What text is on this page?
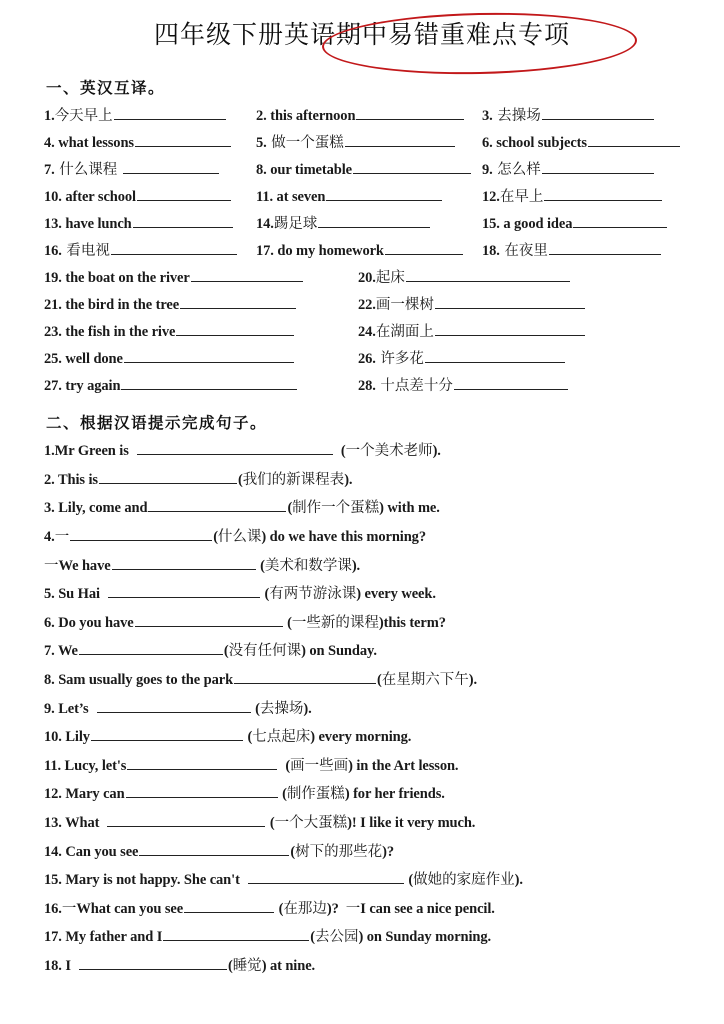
四年级下册英语期中易错重难点专项
一、英汉互译。
1. 今天早上	2. this afternoon	3. 去操场
4. what lessons	5. 做一个蛋糕	6. school subjects
7. 什么课程	8. our timetable	9. 怎么样
10. after school	11. at seven	12. 在早上
13. have lunch	14. 踢足球	15. a good idea
16. 看电视	17. do my homework	18. 在夜里
19. the boat on the river	20. 起床
21. the bird in the tree	22. 画一棵树
23. the fish in the rive	24. 在湖面上
25. well done	26. 许多花
27. try again	28. 十点差十分
二、根据汉语提示完成句子。
1.Mr Green is	( 一个美术老师 ).
2. This is	( 我们的新课程表 ).
3. Lily, come and	( 制作一个蛋糕 ) with me.
4. 一	( 什么课 ) do we have this morning?
一 We have	( 美术和数学课 ).
5. Su Hai	( 有两节游泳课 ) every week.
6. Do you have	( 一些新的课程 )this term?
7. We	( 没有任何课 ) on Sunday.
8. Sam usually goes to the park	( 在星期六下午 ).
9. Let’s	( 去操场 ).
10. Lily	( 七点起床 ) every morning.
11. Lucy, let's	( 画一些画 ) in the Art lesson.
12. Mary can	( 制作蛋糕 ) for her friends.
13. What	( 一个大蛋糕 )! I like it very much.
14. Can you see	( 树下的那些花 )?
15. Mary is not happy. She can't	( 做她的家庭作业 ).
16. 一 What can you see	( 在那边 )? 一 I can see a nice pencil.
17. My father and I	( 去公园 ) on Sunday morning.
18. I	( 睡觉 ) at nine.
